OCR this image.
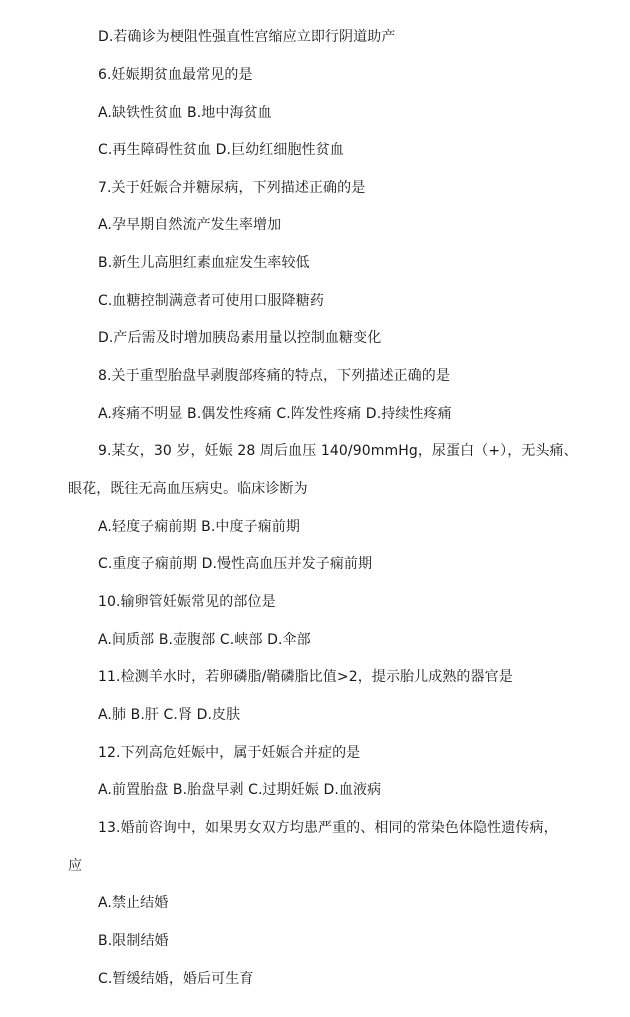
D.若确诊为梗阻性强直性宫缩应立即行阴道助产
6.妊娠期贫血最常见的是
A.缺铁性贫血 B.地中海贫血
C.再生障碍性贫血 D.巨幼红细胞性贫血
7.关于妊娠合并糖尿病，下列描述正确的是
A.孕早期自然流产发生率增加
B.新生儿高胆红素血症发生率较低
C.血糖控制满意者可使用口服降糖药
D.产后需及时增加胰岛素用量以控制血糖变化
8.关于重型胎盘早剥腹部疼痛的特点，下列描述正确的是
A.疼痛不明显 B.偶发性疼痛 C.阵发性疼痛 D.持续性疼痛
9.某女，30 岁，妊娠 28 周后血压 140/90mmHg，尿蛋白（+），无头痛、
眼花，既往无高血压病史。临床诊断为
A.轻度子痫前期 B.中度子痫前期
C.重度子痫前期 D.慢性高血压并发子痫前期
10.输卵管妊娠常见的部位是
A.间质部 B.壶腹部 C.峡部 D.伞部
11.检测羊水时，若卵磷脂/鞘磷脂比值>2，提示胎儿成熟的器官是
A.肺 B.肝 C.肾 D.皮肤
12.下列高危妊娠中，属于妊娠合并症的是
A.前置胎盘 B.胎盘早剥 C.过期妊娠 D.血液病
13.婚前咨询中，如果男女双方均患严重的、相同的常染色体隐性遗传病，
应
A.禁止结婚
B.限制结婚
C.暂缓结婚，婚后可生育
